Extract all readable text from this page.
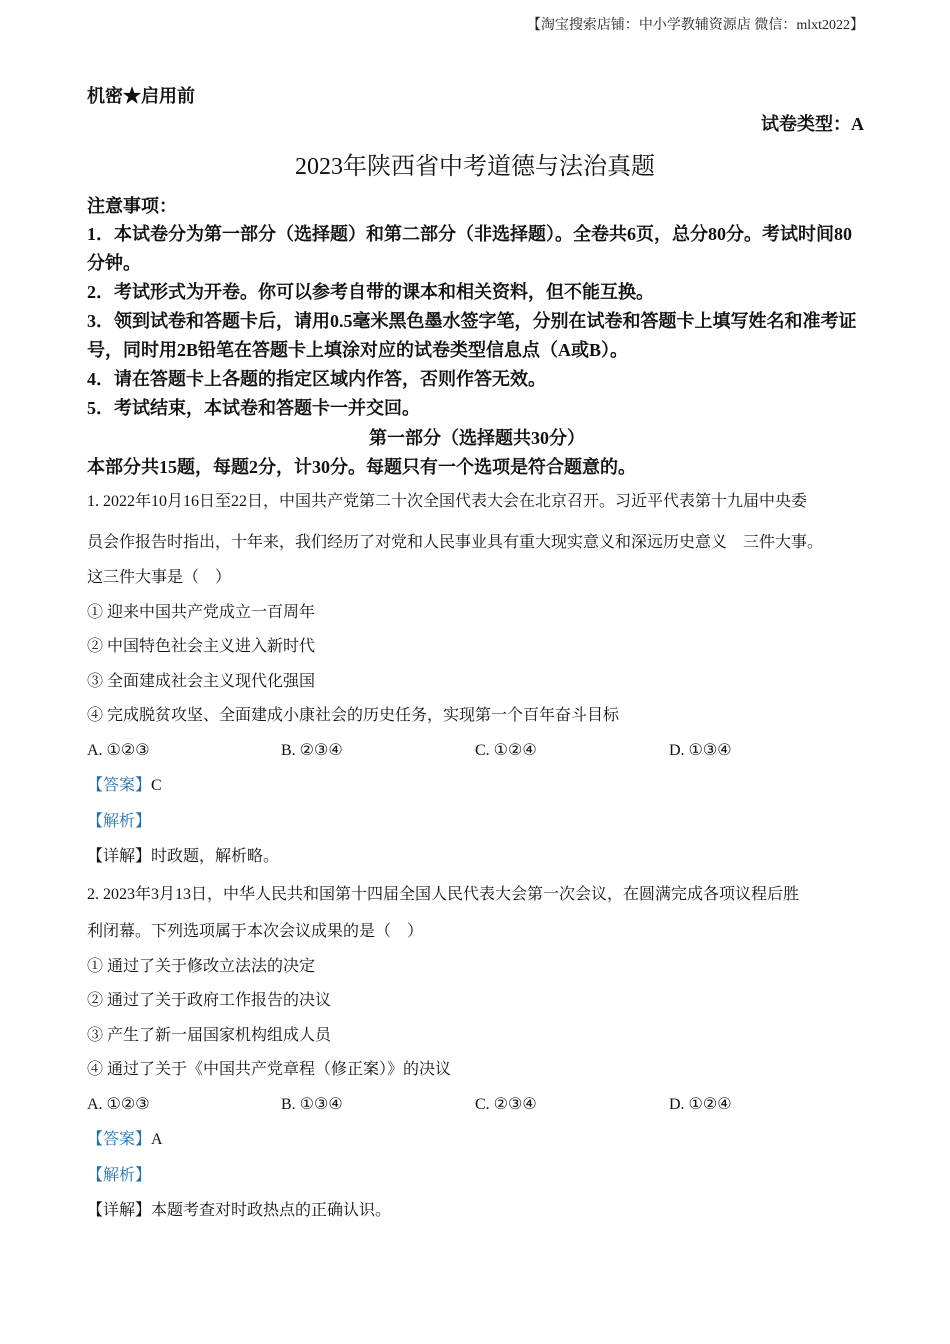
【淘宝搜索店铺：中小学教辅资源店 微信：mlxt2022】
机密★启用前
试卷类型：A
2023年陕西省中考道德与法治真题
注意事项：

1．本试卷分为第一部分（选择题）和第二部分（非选择题）。全卷共6页，总分80分。考试时间80分钟。

2．考试形式为开卷。你可以参考自带的课本和相关资料，但不能互换。

3．领到试卷和答题卡后，请用0.5毫米黑色墨水签字笔，分别在试卷和答题卡上填写姓名和准考证号，同时用2B铅笔在答题卡上填涂对应的试卷类型信息点（A或B）。

4．请在答题卡上各题的指定区域内作答，否则作答无效。

5．考试结束，本试卷和答题卡一并交回。

第一部分（选择题共30分）
本部分共15题，每题2分，计30分。每题只有一个选项是符合题意的。
1. 2022年10月16日至22日，中国共产党第二十次全国代表大会在北京召开。习近平代表第十九届中央委
员会作报告时指出，十年来，我们经历了对党和人民事业具有重大现实意义和深远历史意义　三件大事。
这三件大事是（　）
① 迎来中国共产党成立一百周年
② 中国特色社会主义进入新时代
③ 全面建成社会主义现代化强国
④ 完成脱贫攻坚、全面建成小康社会的历史任务，实现第一个百年奋斗目标
A. ①②③	B. ②③④	C. ①②④	D. ①③④
【答案】C
【解析】
【详解】时政题，解析略。
2. 2023年3月13日，中华人民共和国第十四届全国人民代表大会第一次会议，在圆满完成各项议程后胜
利闭幕。下列选项属于本次会议成果的是（　）
① 通过了关于修改立法法的决定
② 通过了关于政府工作报告的决议
③ 产生了新一届国家机构组成人员
④ 通过了关于《中国共产党章程（修正案）》的决议
A. ①②③	B. ①③④	C. ②③④	D. ①②④
【答案】A
【解析】
【详解】本题考查对时政热点的正确认识。
